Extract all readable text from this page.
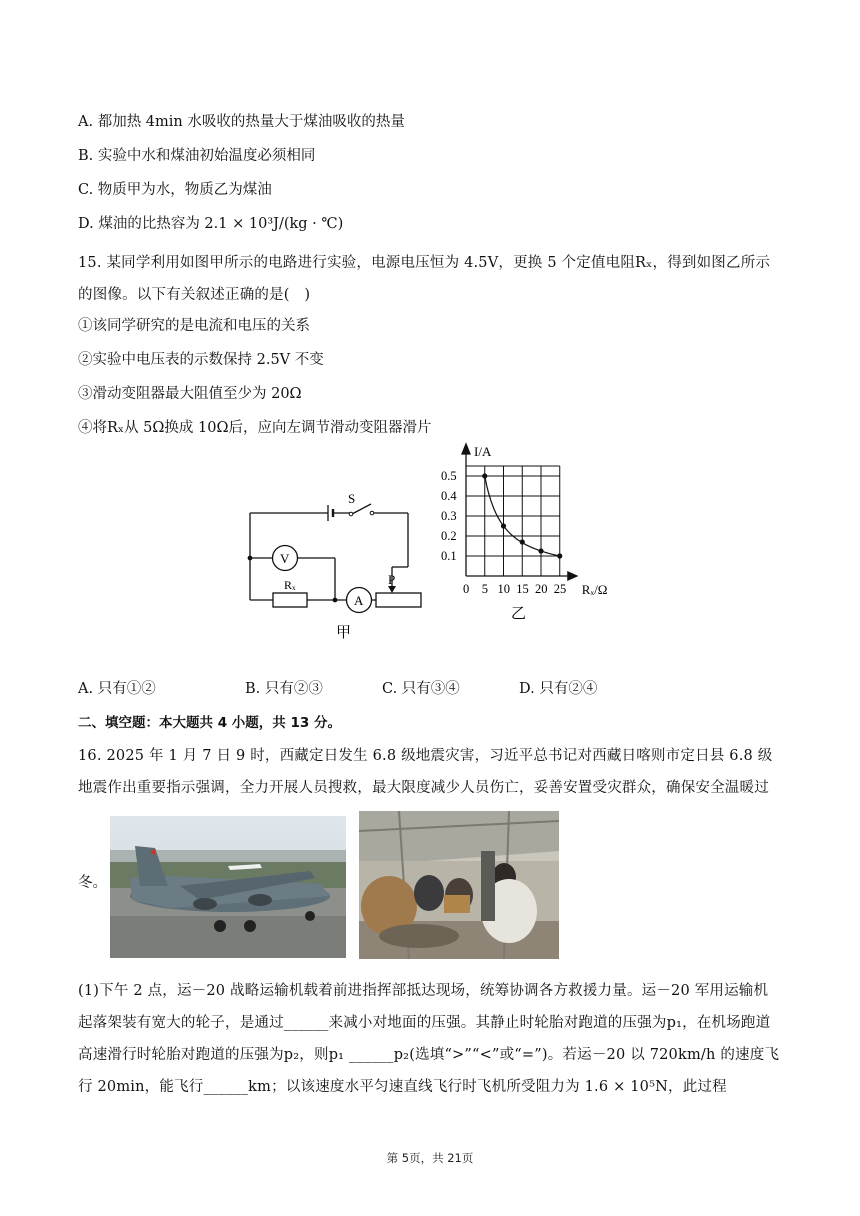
A. 都加热 4min 水吸收的热量大于煤油吸收的热量
B. 实验中水和煤油初始温度必须相同
C. 物质甲为水，物质乙为煤油
D. 煤油的比热容为 2.1 × 10³J/(kg · ℃)
15. 某同学利用如图甲所示的电路进行实验，电源电压恒为 4.5V，更换 5 个定值电阻Rₓ，得到如图乙所示的图像。以下有关叙述正确的是(　)
①该同学研究的是电流和电压的关系
②实验中电压表的示数保持 2.5V 不变
③滑动变阻器最大阻值至少为 20Ω
④将Rₓ从 5Ω换成 10Ω后，应向左调节滑动变阻器滑片
S
V
Rₓ
A
P
甲
0 5 10 15 20 25
0.1
0.2
0.3
0.4
0.5
I/A
Rₓ/Ω
乙
A. 只有①②	B. 只有②③	C. 只有③④	D. 只有②④
二、填空题：本大题共 4 小题，共 13 分。
16. 2025 年 1 月 7 日 9 时，西藏定日发生 6.8 级地震灾害，习近平总书记对西藏日喀则市定日县 6.8 级地震作出重要指示强调，全力开展人员搜救，最大限度减少人员伤亡，妥善安置受灾群众，确保安全温暖过
冬。
(1)下午 2 点，运－20 战略运输机载着前进指挥部抵达现场，统筹协调各方救援力量。运－20 军用运输机起落架装有宽大的轮子，是通过______来减小对地面的压强。其静止时轮胎对跑道的压强为p₁，在机场跑道高速滑行时轮胎对跑道的压强为p₂，则p₁ ______p₂(选填“>”“<”或“=”)。若运－20 以 720km/h 的速度飞行 20min，能飞行______km；以该速度水平匀速直线飞行时飞机所受阻力为 1.6 × 10⁵N，此过程
第 5页，共 21页
